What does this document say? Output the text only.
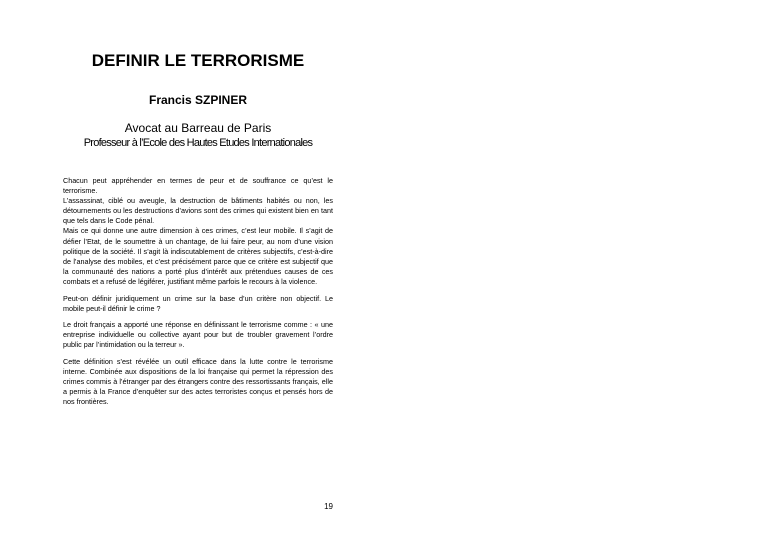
DEFINIR LE TERRORISME
Francis SZPINER
Avocat au Barreau de Paris
Professeur à l’Ecole des Hautes Etudes Internationales

Chacun peut appréhender en termes de peur et de souffrance ce qu’est le terrorisme.
L’assassinat, ciblé ou aveugle, la destruction de bâtiments habités ou non, les détournements ou les destructions d’avions sont des crimes qui existent bien en tant que tels dans le Code pénal.
Mais ce qui donne une autre dimension à ces crimes, c’est leur mobile. Il s’agit de défier l’Etat, de le soumettre à un chantage, de lui faire peur, au nom d’une vision politique de la société. Il s’agit là indiscutablement de critères subjectifs, c’est-à-dire de l’analyse des mobiles, et c’est précisément parce que ce critère est subjectif que la communauté des nations a porté plus d’intérêt aux prétendues causes de ces combats et a refusé de légiférer, justifiant même parfois le recours à la violence.

Peut-on définir juridiquement un crime sur la base d’un critère non objectif. Le mobile peut-il définir le crime ?

Le droit français a apporté une réponse en définissant le terrorisme comme : « une entreprise individuelle ou collective ayant pour but de troubler gravement l’ordre public par l’intimidation ou la terreur ».

Cette définition s’est révélée un outil efficace dans la lutte contre le terrorisme interne. Combinée aux dispositions de la loi française qui permet la répression des crimes commis à l’étranger par des étrangers contre des ressortissants français, elle a permis à la France d’enquêter sur des actes terroristes conçus et pensés hors de nos frontières.

19
